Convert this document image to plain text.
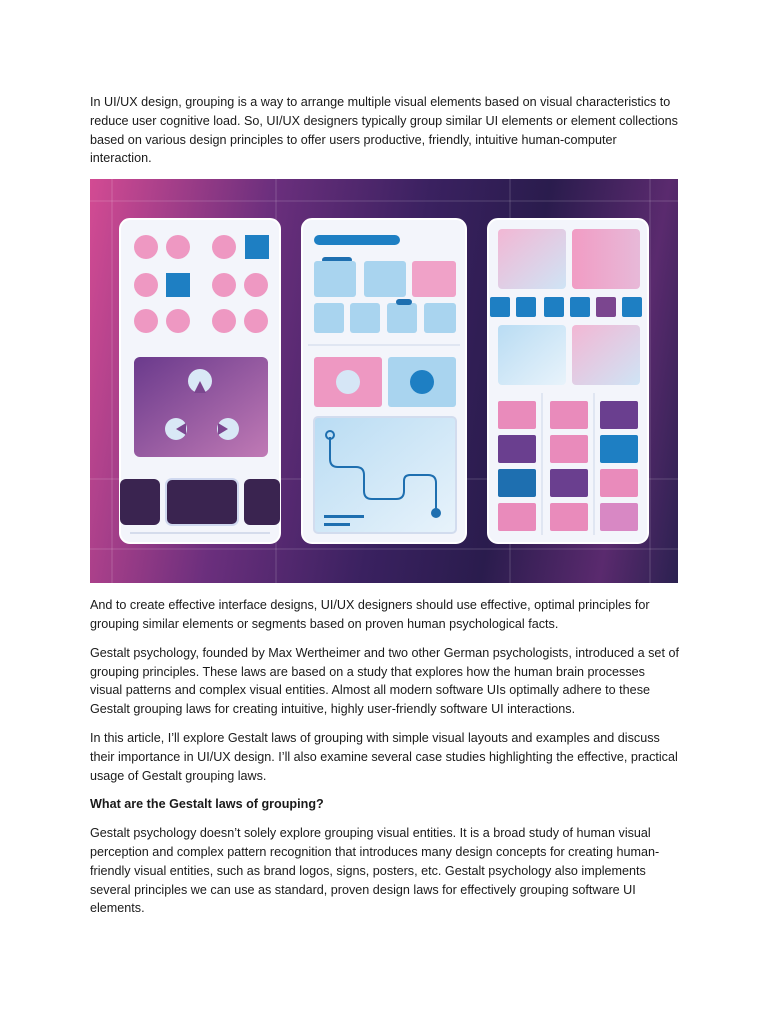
In UI/UX design, grouping is a way to arrange multiple visual elements based on visual characteristics to reduce user cognitive load. So, UI/UX designers typically group similar UI elements or element collections based on various design principles to offer users productive, friendly, intuitive human-computer interaction.

And to create effective interface designs, UI/UX designers should use effective, optimal principles for grouping similar elements or segments based on proven human psychological facts.

Gestalt psychology, founded by Max Wertheimer and two other German psychologists, introduced a set of grouping principles. These laws are based on a study that explores how the human brain processes visual patterns and complex visual entities. Almost all modern software UIs optimally adhere to these Gestalt grouping laws for creating intuitive, highly user-friendly software UI interactions.

In this article, I’ll explore Gestalt laws of grouping with simple visual layouts and examples and discuss their importance in UI/UX design. I’ll also examine several case studies highlighting the effective, practical usage of Gestalt grouping laws.

What are the Gestalt laws of grouping?

Gestalt psychology doesn’t solely explore grouping visual entities. It is a broad study of human visual perception and complex pattern recognition that introduces many design concepts for creating human-friendly visual entities, such as brand logos, signs, posters, etc. Gestalt psychology also implements several principles we can use as standard, proven design laws for effectively grouping software UI elements.
